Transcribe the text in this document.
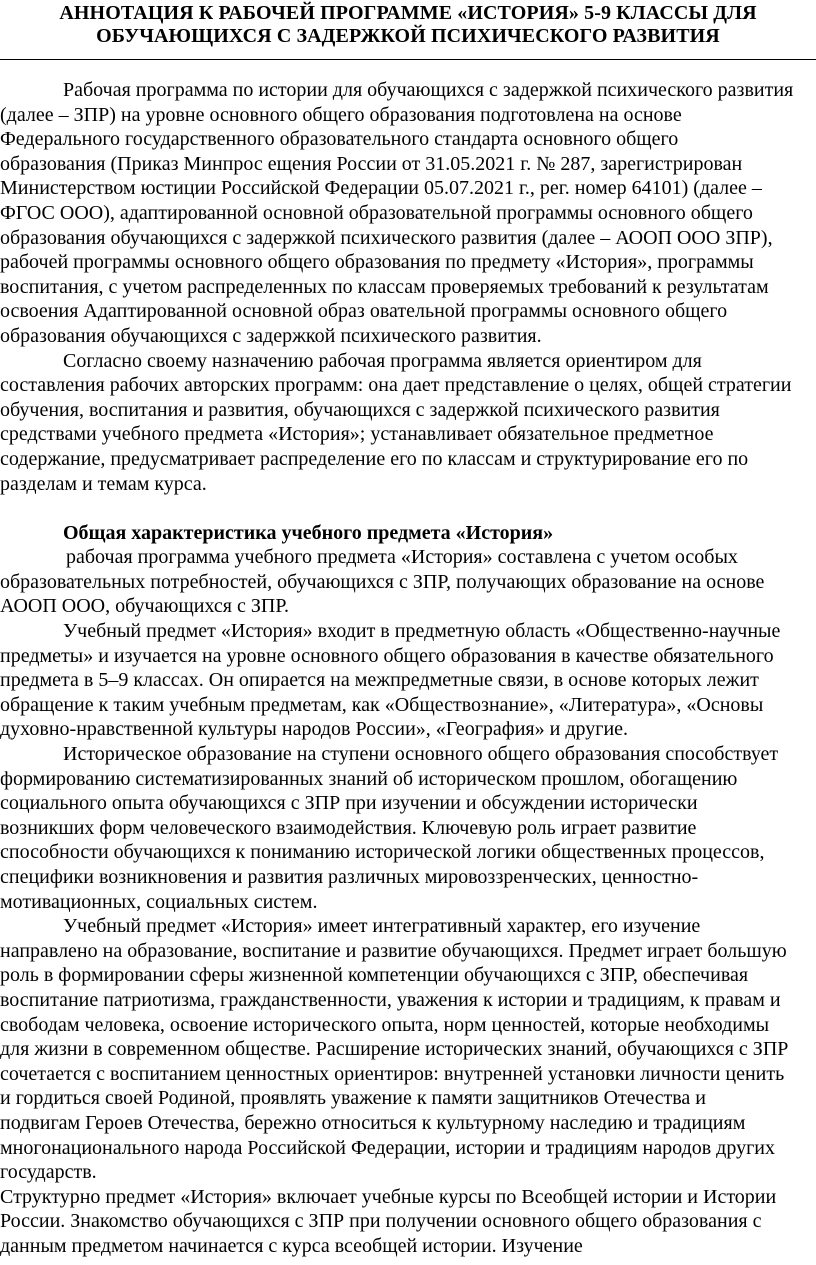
АННОТАЦИЯ К РАБОЧЕЙ ПРОГРАММЕ «ИСТОРИЯ» 5-9 КЛАССЫ ДЛЯ
ОБУЧАЮЩИХСЯ С ЗАДЕРЖКОЙ ПСИХИЧЕСКОГО РАЗВИТИЯ
Рабочая программа по истории для обучающихся с задержкой психического развития
(далее – ЗПР) на уровне основного общего образования подготовлена на основе
Федерального государственного образовательного стандарта основного общего
образования (Приказ Минпрос ещения России от 31.05.2021 г. № 287, зарегистрирован
Министерством юстиции Российской Федерации 05.07.2021 г., рег. номер 64101) (далее –
ФГОС ООО), адаптированной основной образовательной программы основного общего
образования обучающихся с задержкой психического развития (далее – АООП ООО ЗПР),
рабочей программы основного общего образования по предмету «История», программы
воспитания, с учетом распределенных по классам проверяемых требований к результатам
освоения Адаптированной основной образ овательной программы основного общего
образования обучающихся с задержкой психического развития.
Согласно своему назначению рабочая программа является ориентиром для
составления рабочих авторских программ: она дает представление о целях, общей стратегии
обучения, воспитания и развития, обучающихся с задержкой психического развития
средствами учебного предмета «История»; устанавливает обязательное предметное
содержание, предусматривает распределение его по классам и структурирование его по
разделам и темам курса.
Общая характеристика учебного предмета «История»
рабочая программа учебного предмета «История» составлена с учетом особых
образовательных потребностей, обучающихся с ЗПР, получающих образование на основе
АООП ООО, обучающихся с ЗПР.
Учебный предмет «История» входит в предметную область «Общественно-научные
предметы» и изучается на уровне основного общего образования в качестве обязательного
предмета в 5–9 классах. Он опирается на межпредметные связи, в основе которых лежит
обращение к таким учебным предметам, как «Обществознание», «Литература», «Основы
духовно-нравственной культуры народов России», «География» и другие.
Историческое образование на ступени основного общего образования способствует
формированию систематизированных знаний об историческом прошлом, обогащению
социального опыта обучающихся с ЗПР при изучении и обсуждении исторически
возникших форм человеческого взаимодействия. Ключевую роль играет развитие
способности обучающихся к пониманию исторической логики общественных процессов,
специфики возникновения и развития различных мировоззренческих, ценностно-
мотивационных, социальных систем.
Учебный предмет «История» имеет интегративный характер, его изучение
направлено на образование, воспитание и развитие обучающихся. Предмет играет большую
роль в формировании сферы жизненной компетенции обучающихся с ЗПР, обеспечивая
воспитание патриотизма, гражданственности, уважения к истории и традициям, к правам и
свободам человека, освоение исторического опыта, норм ценностей, которые необходимы
для жизни в современном обществе. Расширение исторических знаний, обучающихся с ЗПР
сочетается с воспитанием ценностных ориентиров: внутренней установки личности ценить
и гордиться своей Родиной, проявлять уважение к памяти защитников Отечества и
подвигам Героев Отечества, бережно относиться к культурному наследию и традициям
многонационального народа Российской Федерации, истории и традициям народов других
государств.
Структурно предмет «История» включает учебные курсы по Всеобщей истории и Истории
России. Знакомство обучающихся с ЗПР при получении основного общего образования с
данным предметом начинается с курса всеобщей истории. Изучение
